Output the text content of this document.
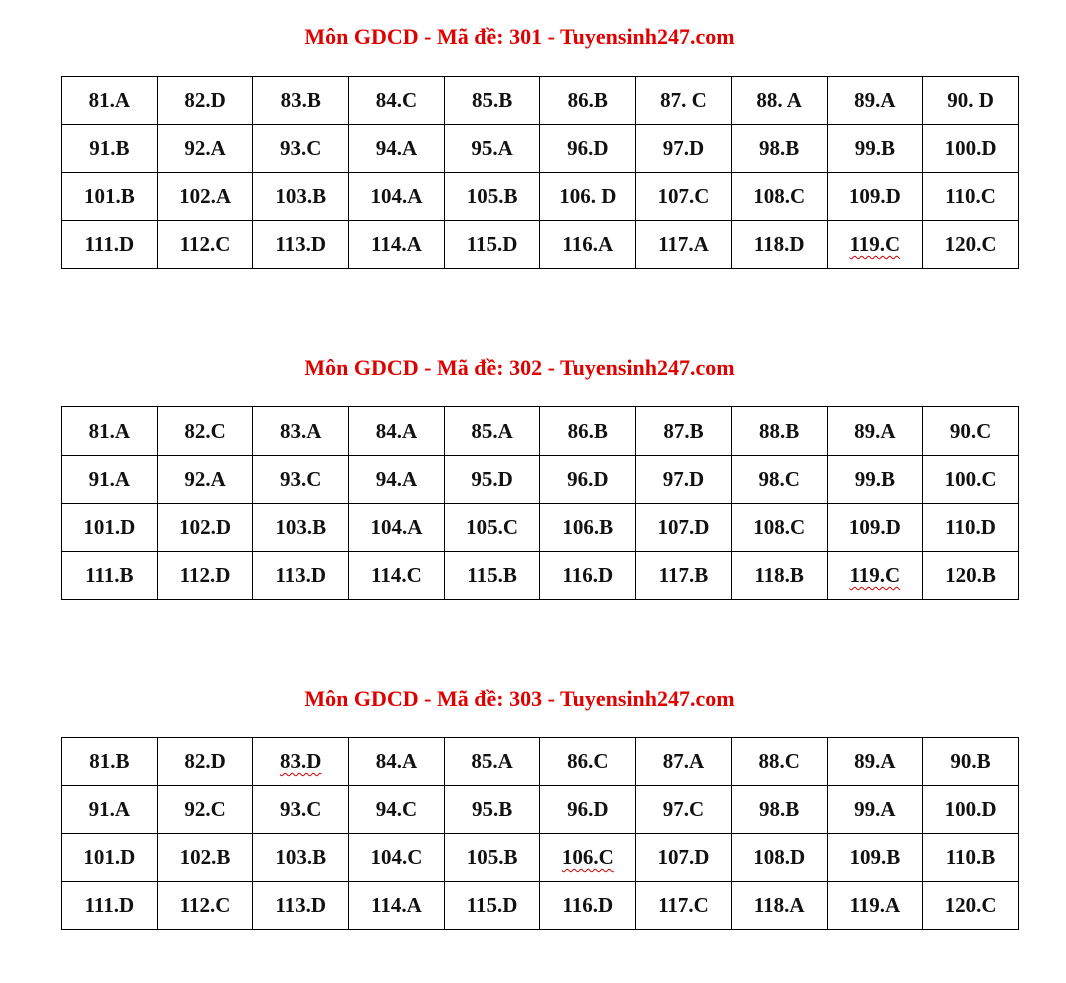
Môn GDCD - Mã đề: 301 - Tuyensinh247.com
81.A	82.D	83.B	84.C	85.B	86.B	87. C	88. A	89.A	90. D
91.B	92.A	93.C	94.A	95.A	96.D	97.D	98.B	99.B	100.D
101.B	102.A	103.B	104.A	105.B	106. D	107.C	108.C	109.D	110.C
111.D	112.C	113.D	114.A	115.D	116.A	117.A	118.D	119.C	120.C
Môn GDCD - Mã đề: 302 - Tuyensinh247.com
81.A	82.C	83.A	84.A	85.A	86.B	87.B	88.B	89.A	90.C
91.A	92.A	93.C	94.A	95.D	96.D	97.D	98.C	99.B	100.C
101.D	102.D	103.B	104.A	105.C	106.B	107.D	108.C	109.D	110.D
111.B	112.D	113.D	114.C	115.B	116.D	117.B	118.B	119.C	120.B
Môn GDCD - Mã đề: 303 - Tuyensinh247.com
81.B	82.D	83.D	84.A	85.A	86.C	87.A	88.C	89.A	90.B
91.A	92.C	93.C	94.C	95.B	96.D	97.C	98.B	99.A	100.D
101.D	102.B	103.B	104.C	105.B	106.C	107.D	108.D	109.B	110.B
111.D	112.C	113.D	114.A	115.D	116.D	117.C	118.A	119.A	120.C
